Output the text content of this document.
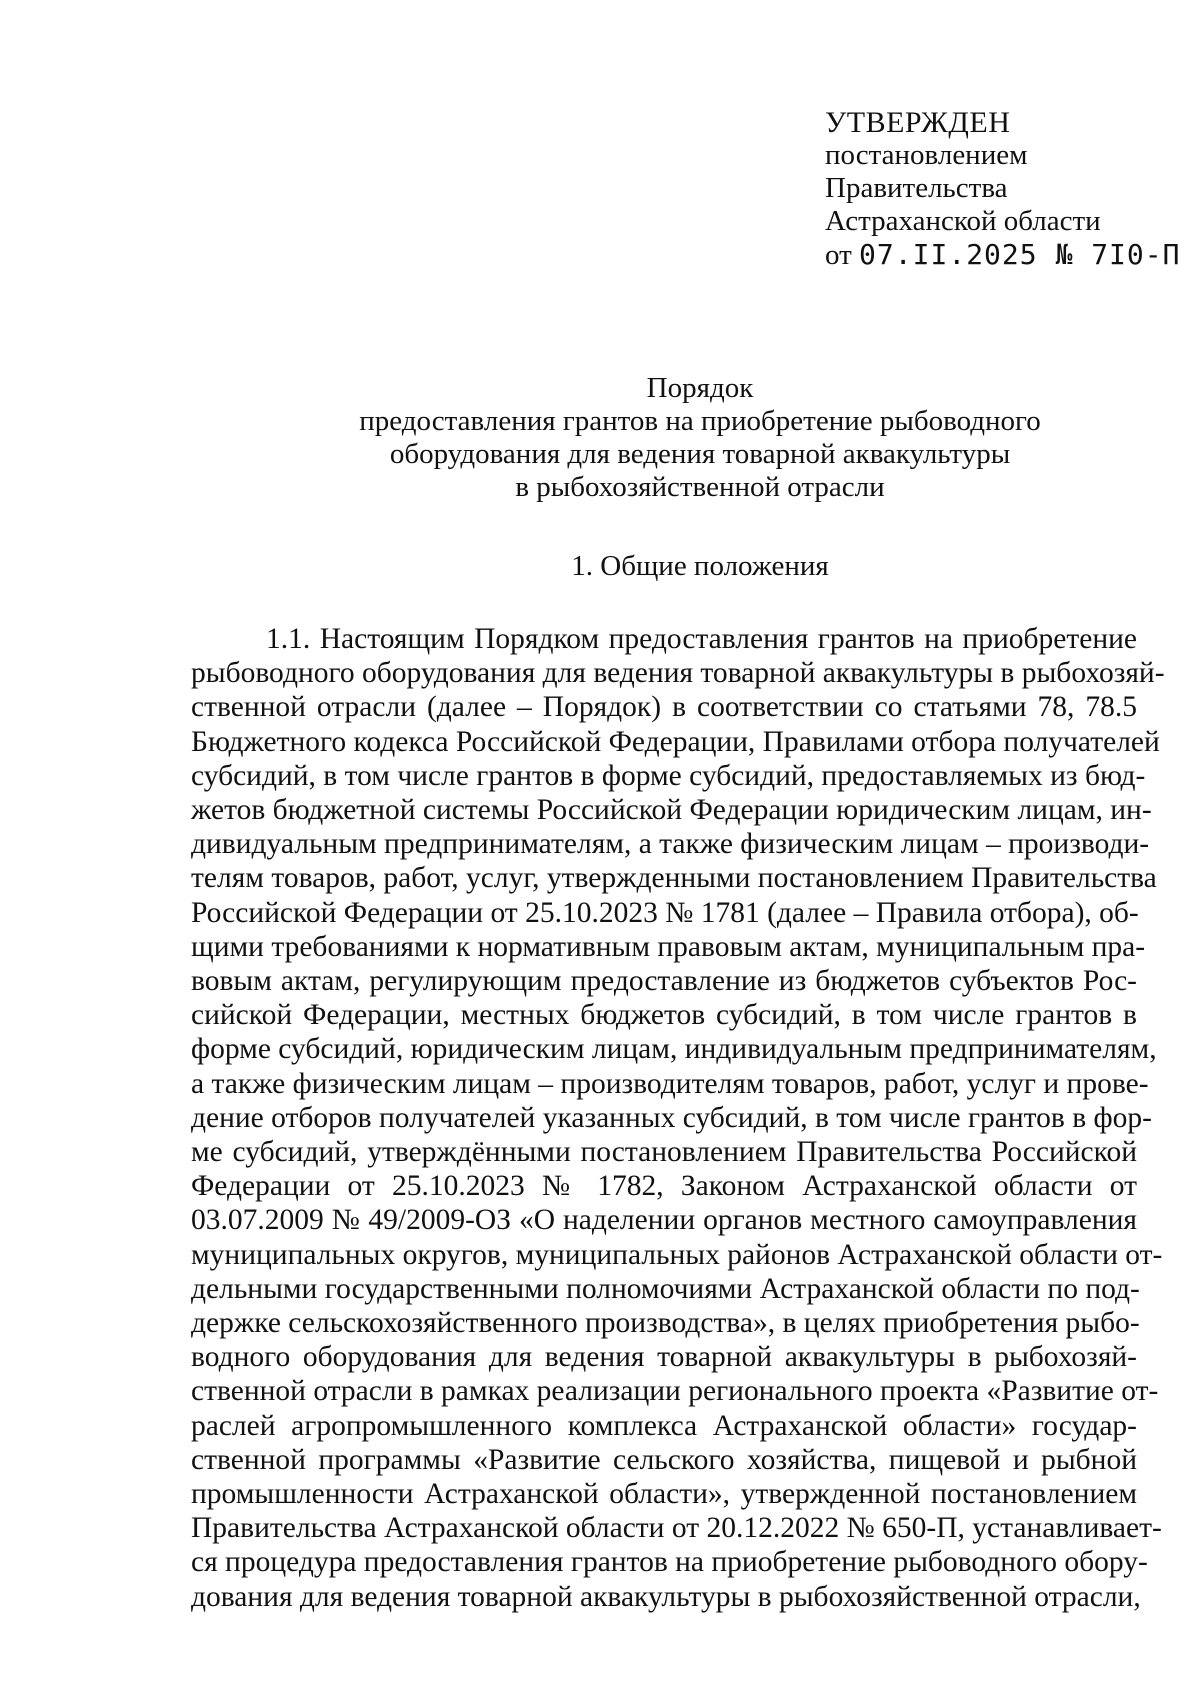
УТВЕРЖДЕН
постановлением
Правительства
Астраханской области
от 07.II.2025 № 7I0-П
Порядок
предоставления грантов на приобретение рыбоводного
оборудования для ведения товарной аквакультуры
в рыбохозяйственной отрасли
1. Общие положения
1.1. Настоящим Порядком предоставления грантов на приобретение
рыбоводного оборудования для ведения товарной аквакультуры в рыбохозяй-
ственной отрасли (далее – Порядок) в соответствии со статьями 78, 78.5
Бюджетного кодекса Российской Федерации, Правилами отбора получателей
субсидий, в том числе грантов в форме субсидий, предоставляемых из бюд-
жетов бюджетной системы Российской Федерации юридическим лицам, ин-
дивидуальным предпринимателям, а также физическим лицам – производи-
телям товаров, работ, услуг, утвержденными постановлением Правительства
Российской Федерации от 25.10.2023 № 1781 (далее – Правила отбора), об-
щими требованиями к нормативным правовым актам, муниципальным пра-
вовым актам, регулирующим предоставление из бюджетов субъектов Рос-
сийской Федерации, местных бюджетов субсидий, в том числе грантов в
форме субсидий, юридическим лицам, индивидуальным предпринимателям,
а также физическим лицам – производителям товаров, работ, услуг и прове-
дение отборов получателей указанных субсидий, в том числе грантов в фор-
ме субсидий, утверждёнными постановлением Правительства Российской
Федерации от 25.10.2023 № 1782, Законом Астраханской области от
03.07.2009 № 49/2009-ОЗ «О наделении органов местного самоуправления
муниципальных округов, муниципальных районов Астраханской области от-
дельными государственными полномочиями Астраханской области по под-
держке сельскохозяйственного производства», в целях приобретения рыбо-
водного оборудования для ведения товарной аквакультуры в рыбохозяй-
ственной отрасли в рамках реализации регионального проекта «Развитие от-
раслей агропромышленного комплекса Астраханской области» государ-
ственной программы «Развитие сельского хозяйства, пищевой и рыбной
промышленности Астраханской области», утвержденной постановлением
Правительства Астраханской области от 20.12.2022 № 650-П, устанавливает-
ся процедура предоставления грантов на приобретение рыбоводного обору-
дования для ведения товарной аквакультуры в рыбохозяйственной отрасли,
